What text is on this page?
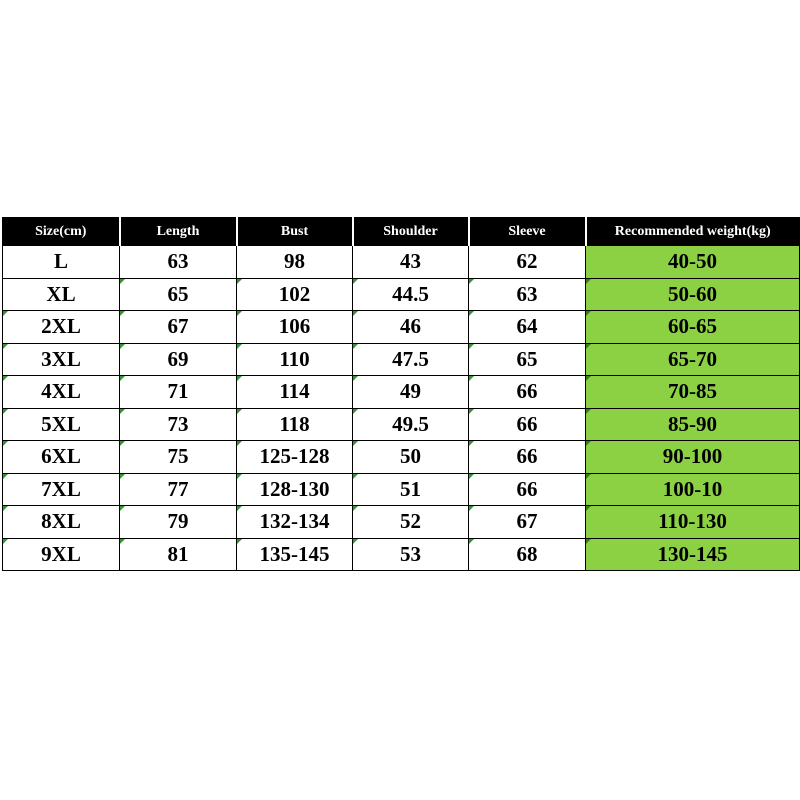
Size(cm)	Length	Bust	Shoulder	Sleeve	Recommended weight(kg)
L	63	98	43	62	40-50
XL	65	102	44.5	63	50-60
2XL	67	106	46	64	60-65
3XL	69	110	47.5	65	65-70
4XL	71	114	49	66	70-85
5XL	73	118	49.5	66	85-90
6XL	75	125-128	50	66	90-100
7XL	77	128-130	51	66	100-10
8XL	79	132-134	52	67	110-130
9XL	81	135-145	53	68	130-145
